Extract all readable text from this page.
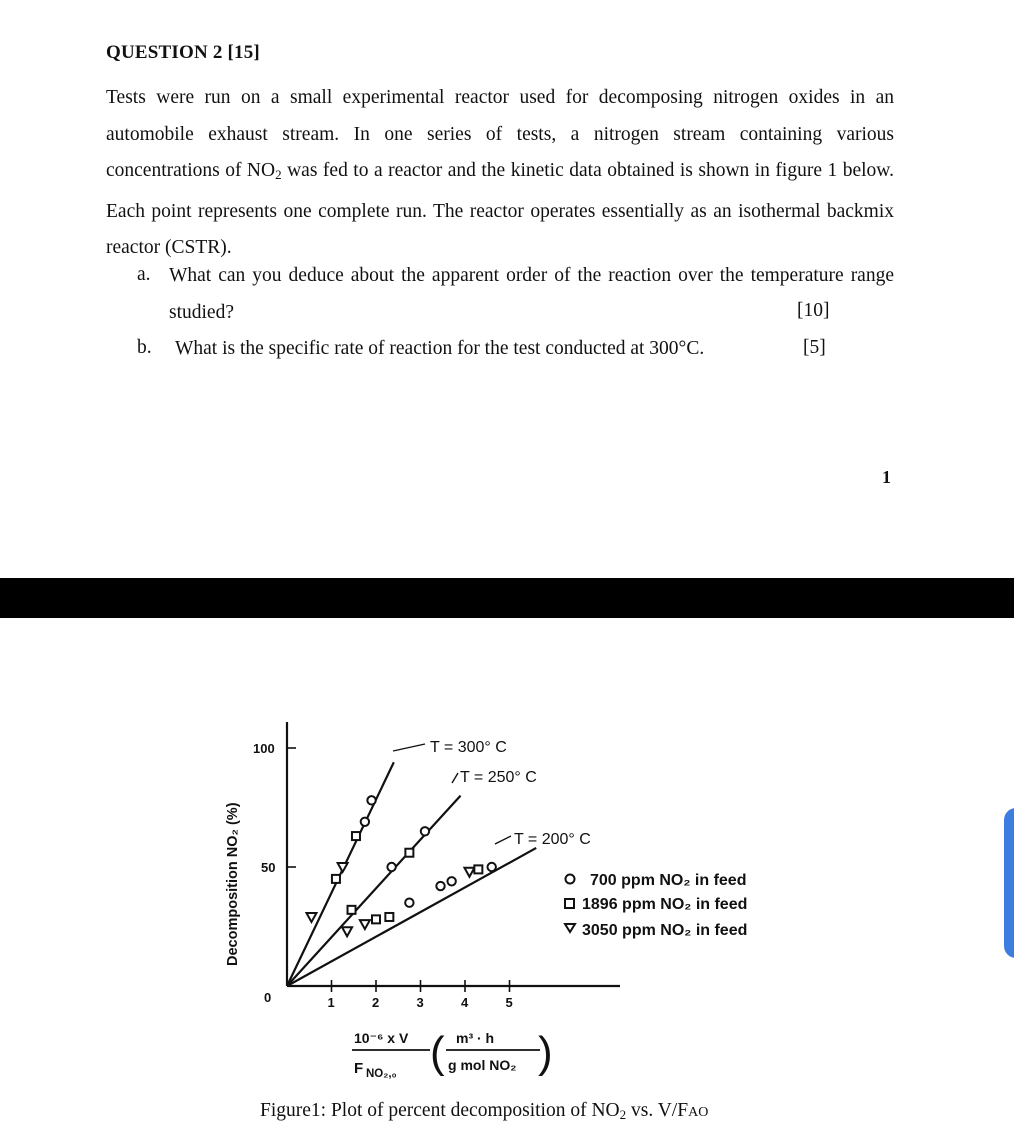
QUESTION 2 [15]
Tests were run on a small experimental reactor used for decomposing nitrogen oxides in an automobile exhaust stream. In one series of tests, a nitrogen stream containing various concentrations of $NO_2$ was fed to a reactor and the kinetic data obtained is shown in figure 1 below. Each point represents one complete run. The reactor operates essentially as an isothermal backmix reactor (CSTR).
a. What can you deduce about the apparent order of the reaction over the temperature range studied?	[10]
b. What is the specific rate of reaction for the test conducted at 300°C.	[5]
1
1	2	3	4	5
50
100	T = 300° C
T = 250° C
T = 200° C
0
Decomposition NO₂ (%)	700 ppm NO₂ in feed
1896 ppm NO₂ in feed
3050 ppm NO₂ in feed
10⁻⁶ x V
F NO₂,₀ ( m³ · h
g mol NO₂ )
Figure1: Plot of percent decomposition of $NO_2$ vs. V/FAO
